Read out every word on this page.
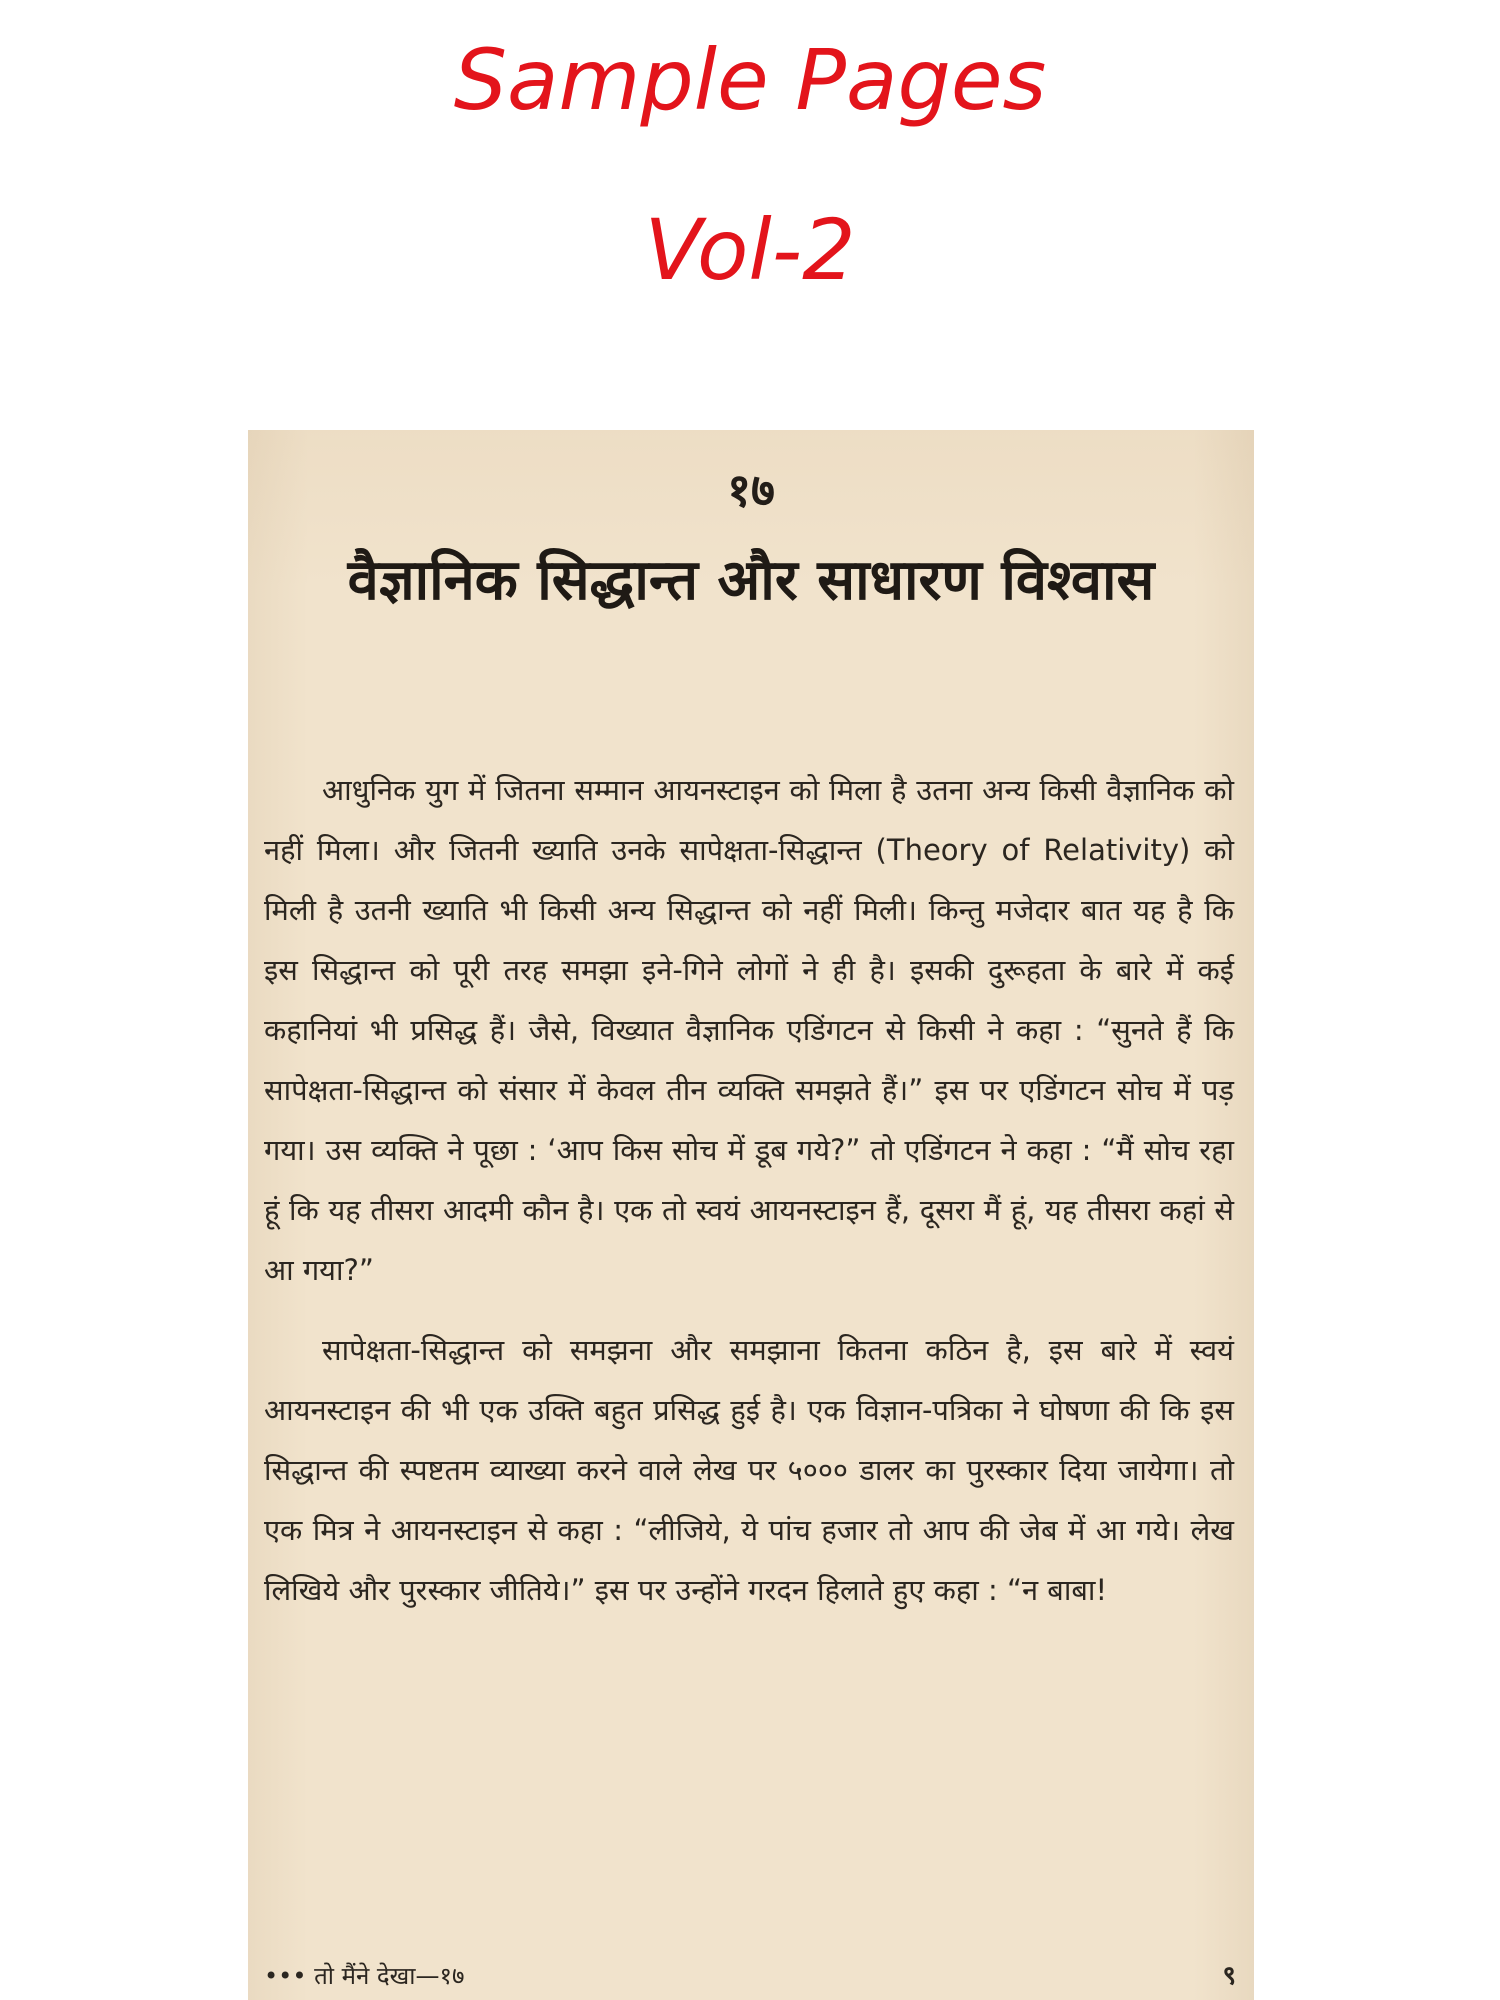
Sample Pages
Vol-2
१७
वैज्ञानिक सिद्धान्त और साधारण विश्वास

आधुनिक युग में जितना सम्मान आयनस्टाइन को मिला है उतना अन्य किसी वैज्ञानिक को नहीं मिला। और जितनी ख्याति उनके सापेक्षता-सिद्धान्त (Theory of Relativity) को मिली है उतनी ख्याति भी किसी अन्य सिद्धान्त को नहीं मिली। किन्तु मजेदार बात यह है कि इस सिद्धान्त को पूरी तरह समझा इने-गिने लोगों ने ही है। इसकी दुरूहता के बारे में कई कहानियां भी प्रसिद्ध हैं। जैसे, विख्यात वैज्ञानिक एडिंगटन से किसी ने कहा : “सुनते हैं कि सापेक्षता-सिद्धान्त को संसार में केवल तीन व्यक्ति समझते हैं।” इस पर एडिंगटन सोच में पड़ गया। उस व्यक्ति ने पूछा : ‘आप किस सोच में डूब गये?” तो एडिंगटन ने कहा : “मैं सोच रहा हूं कि यह तीसरा आदमी कौन है। एक तो स्वयं आयनस्टाइन हैं, दूसरा मैं हूं, यह तीसरा कहां से आ गया?”

सापेक्षता-सिद्धान्त को समझना और समझाना कितना कठिन है, इस बारे में स्वयं आयनस्टाइन की भी एक उक्ति बहुत प्रसिद्ध हुई है। एक विज्ञान-पत्रिका ने घोषणा की कि इस सिद्धान्त की स्पष्टतम व्याख्या करने वाले लेख पर ५००० डालर का पुरस्कार दिया जायेगा। तो एक मित्र ने आयनस्टाइन से कहा : “लीजिये, ये पांच हजार तो आप की जेब में आ गये। लेख लिखिये और पुरस्कार जीतिये।” इस पर उन्होंने गरदन हिलाते हुए कहा : “न बाबा!

••• तो मैंने देखा—१७	९
